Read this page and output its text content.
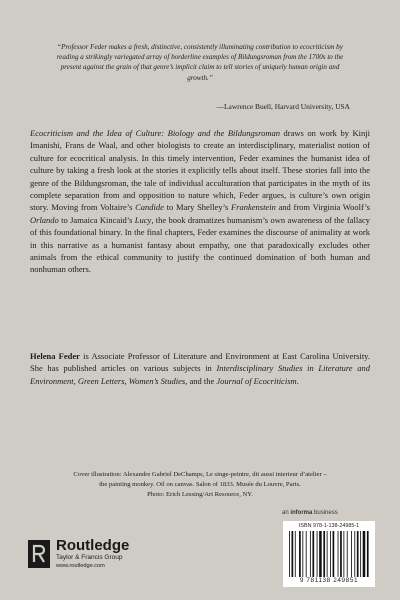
“Professor Feder makes a fresh, distinctive, consistently illuminating contribution to ecocriticism by reading a strikingly variegated array of borderline examples of Bildungsroman from the 1700s to the present against the grain of that genre’s implicit claim to tell stories of uniquely human origin and growth.”

—Lawrence Buell, Harvard University, USA

Ecocriticism and the Idea of Culture: Biology and the Bildungsroman draws on work by Kinji Imanishi, Frans de Waal, and other biologists to create an interdisciplinary, materialist notion of culture for ecocritical analysis. In this timely intervention, Feder examines the humanist idea of culture by taking a fresh look at the stories it explicitly tells about itself. These stories fall into the genre of the Bildungsroman, the tale of individual acculturation that participates in the myth of its complete separation from and opposition to nature which, Feder argues, is culture’s own origin story. Moving from Voltaire’s Candide to Mary Shelley’s Frankenstein and from Virginia Woolf’s Orlando to Jamaica Kincaid’s Lucy, the book dramatizes humanism’s own awareness of the fallacy of this foundational binary. In the final chapters, Feder examines the discourse of animality at work in this narrative as a humanist fantasy about empathy, one that paradoxically excludes other animals from the ethical community to justify the continued domination of both human and nonhuman others.

Helena Feder is Associate Professor of Literature and Environment at East Carolina University. She has published articles on various subjects in Interdisciplinary Studies in Literature and Environment, Green Letters, Women’s Studies, and the Journal of Ecocriticism.

Cover illustration: Alexandre Gabriel DeChamps, Le singe-peintre, dit aussi interieur d’atelier –
the painting monkey. Oil on canvas. Salon of 1833. Musée du Louvre, Paris.
Photo: Erich Lessing/Art Resource, NY.

Routledge
Taylor & Francis Group
www.routledge.com
an informa business

ISBN 978-1-138-24985-1

9 781138 249851
